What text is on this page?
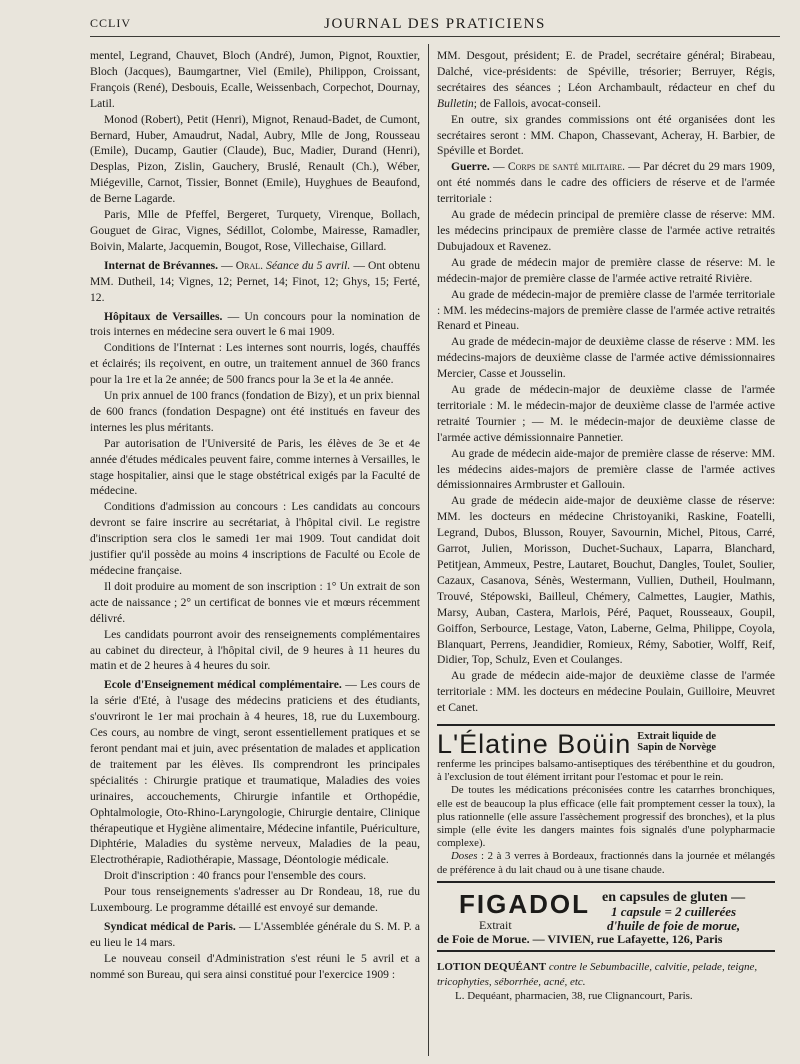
CCLIV	JOURNAL DES PRATICIENS

mentel, Legrand, Chauvet, Bloch (André), Jumon, Pignot, Rouxtier, Bloch (Jacques), Baumgartner, Viel (Emile), Philippon, Croissant, François (René), Desbouis, Ecalle, Weissenbach, Corpechot, Dournay, Latil.

Monod (Robert), Petit (Henri), Mignot, Renaud-Badet, de Cumont, Bernard, Huber, Amaudrut, Nadal, Aubry, Mlle de Jong, Rousseau (Emile), Ducamp, Gautier (Claude), Buc, Madier, Durand (Henri), Desplas, Pizon, Zislin, Gauchery, Bruslé, Renault (Ch.), Wéber, Miégeville, Carnot, Tissier, Bonnet (Emile), Huyghues de Beaufond, de Berne Lagarde.

Paris, Mlle de Pfeffel, Bergeret, Turquety, Virenque, Bollach, Gouguet de Girac, Vignes, Sédillot, Colombe, Mairesse, Ramadler, Boivin, Malarte, Jacquemin, Bougot, Rose, Villechaise, Gillard.

Internat de Brévannes. — Oral. Séance du 5 avril. — Ont obtenu MM. Dutheil, 14; Vignes, 12; Pernet, 14; Finot, 12; Ghys, 15; Ferté, 12.

Hôpitaux de Versailles. — Un concours pour la nomination de trois internes en médecine sera ouvert le 6 mai 1909.

Conditions de l'Internat : Les internes sont nourris, logés, chauffés et éclairés; ils reçoivent, en outre, un traitement annuel de 360 francs pour la 1re et la 2e année; de 500 francs pour la 3e et la 4e année.

Un prix annuel de 100 francs (fondation de Bizy), et un prix biennal de 600 francs (fondation Despagne) ont été institués en faveur des internes les plus méritants.

Par autorisation de l'Université de Paris, les élèves de 3e et 4e année d'études médicales peuvent faire, comme internes à Versailles, le stage hospitalier, ainsi que le stage obstétrical exigés par la Faculté de médecine.

Conditions d'admission au concours : Les candidats au concours devront se faire inscrire au secrétariat, à l'hôpital civil. Le registre d'inscription sera clos le samedi 1er mai 1909. Tout candidat doit justifier qu'il possède au moins 4 inscriptions de Faculté ou Ecole de médecine française.

Il doit produire au moment de son inscription : 1° Un extrait de son acte de naissance ; 2° un certificat de bonnes vie et mœurs récemment délivré.

Les candidats pourront avoir des renseignements complémentaires au cabinet du directeur, à l'hôpital civil, de 9 heures à 11 heures du matin et de 2 heures à 4 heures du soir.

Ecole d'Enseignement médical complémentaire. — Les cours de la série d'Eté, à l'usage des médecins praticiens et des étudiants, s'ouvriront le 1er mai prochain à 4 heures, 18, rue du Luxembourg. Ces cours, au nombre de vingt, seront essentiellement pratiques et se feront pendant mai et juin, avec présentation de malades et application de traitement par les élèves. Ils comprendront les principales spécialités : Chirurgie pratique et traumatique, Maladies des voies urinaires, accouchements, Chirurgie infantile et Orthopédie, Ophtalmologie, Oto-Rhino-Laryngologie, Chirurgie dentaire, Clinique thérapeutique et Hygiène alimentaire, Médecine infantile, Puériculture, Diphtérie, Maladies du système nerveux, Maladies de la peau, Electrothérapie, Radiothérapie, Massage, Déontologie médicale.

Droit d'inscription : 40 francs pour l'ensemble des cours.

Pour tous renseignements s'adresser au Dr Rondeau, 18, rue du Luxembourg. Le programme détaillé est envoyé sur demande.

Syndicat médical de Paris. — L'Assemblée générale du S. M. P. a eu lieu le 14 mars.

Le nouveau conseil d'Administration s'est réuni le 5 avril et a nommé son Bureau, qui sera ainsi constitué pour l'exercice 1909 :

MM. Desgout, président; E. de Pradel, secrétaire général; Birabeau, Dalché, vice-présidents: de Spéville, trésorier; Berruyer, Régis, secrétaires des séances ; Léon Archambault, rédacteur en chef du Bulletin; de Fallois, avocat-conseil.

En outre, six grandes commissions ont été organisées dont les secrétaires seront : MM. Chapon, Chassevant, Acheray, H. Barbier, de Spéville et Bordet.

Guerre. — Corps de santé militaire. — Par décret du 29 mars 1909, ont été nommés dans le cadre des officiers de réserve et de l'armée territoriale :

Au grade de médecin principal de première classe de réserve: MM. les médecins principaux de première classe de l'armée active retraités Dubujadoux et Ravenez.

Au grade de médecin major de première classe de réserve: M. le médecin-major de première classe de l'armée active retraité Rivière.

Au grade de médecin-major de première classe de l'armée territoriale : MM. les médecins-majors de première classe de l'armée active retraités Renard et Pineau.

Au grade de médecin-major de deuxième classe de réserve : MM. les médecins-majors de deuxième classe de l'armée active démissionnaires Mercier, Casse et Jousselin.

Au grade de médecin-major de deuxième classe de l'armée territoriale : M. le médecin-major de deuxième classe de l'armée active retraité Tournier ; — M. le médecin-major de deuxième classe de l'armée active démissionnaire Pannetier.

Au grade de médecin aide-major de première classe de réserve: MM. les médecins aides-majors de première classe de l'armée actives démissionnaires Armbruster et Gallouin.

Au grade de médecin aide-major de deuxième classe de réserve: MM. les docteurs en médecine Christoyaniki, Raskine, Foatelli, Legrand, Dubos, Blusson, Rouyer, Savournin, Michel, Pitous, Carré, Garrot, Julien, Morisson, Duchet-Suchaux, Laparra, Blanchard, Petitjean, Ammeux, Pestre, Lautaret, Bouchut, Dangles, Toulet, Soulier, Cazaux, Casanova, Sénès, Westermann, Vullien, Dutheil, Houlmann, Trouvé, Stépowski, Bailleul, Chémery, Calmettes, Laugier, Mathis, Marsy, Auban, Castera, Marlois, Péré, Paquet, Rousseaux, Goupil, Goiffon, Serbource, Lestage, Vaton, Laberne, Gelma, Philippe, Coyola, Blanquart, Perrens, Jeandidier, Romieux, Rémy, Sabotier, Wolff, Reif, Didier, Top, Schulz, Even et Coulanges.

Au grade de médecin aide-major de deuxième classe de l'armée territoriale : MM. les docteurs en médecine Poulain, Guilloire, Meuvret et Canet.

L'Élatine Boüin Extrait liquide de
Sapin de Norvège
renferme les principes balsamo-antiseptiques des térébenthine et du goudron, à l'exclusion de tout élément irritant pour l'estomac et pour le rein.
De toutes les médications préconisées contre les catarrhes bronchiques, elle est de beaucoup la plus efficace (elle fait promptement cesser la toux), la plus rationnelle (elle assure l'assèchement progressif des bronches), et la plus simple (elle évite les dangers maintes fois signalés d'une polypharmacie complexe).
Doses : 2 à 3 verres à Bordeaux, fractionnés dans la journée et mélangés de préférence à du lait chaud ou à une tisane chaude.
FIGADOL
Extrait
en capsules de gluten —
1 capsule = 2 cuillerées
d'huile de foie de morue,
de Foie de Morue. — VIVIEN, rue Lafayette, 126, Paris
LOTION DEQUÉANT contre le Sebumbacille, calvitie, pelade, teigne, tricophyties, séborrhée, acné, etc.
L. Dequéant, pharmacien, 38, rue Clignancourt, Paris.
